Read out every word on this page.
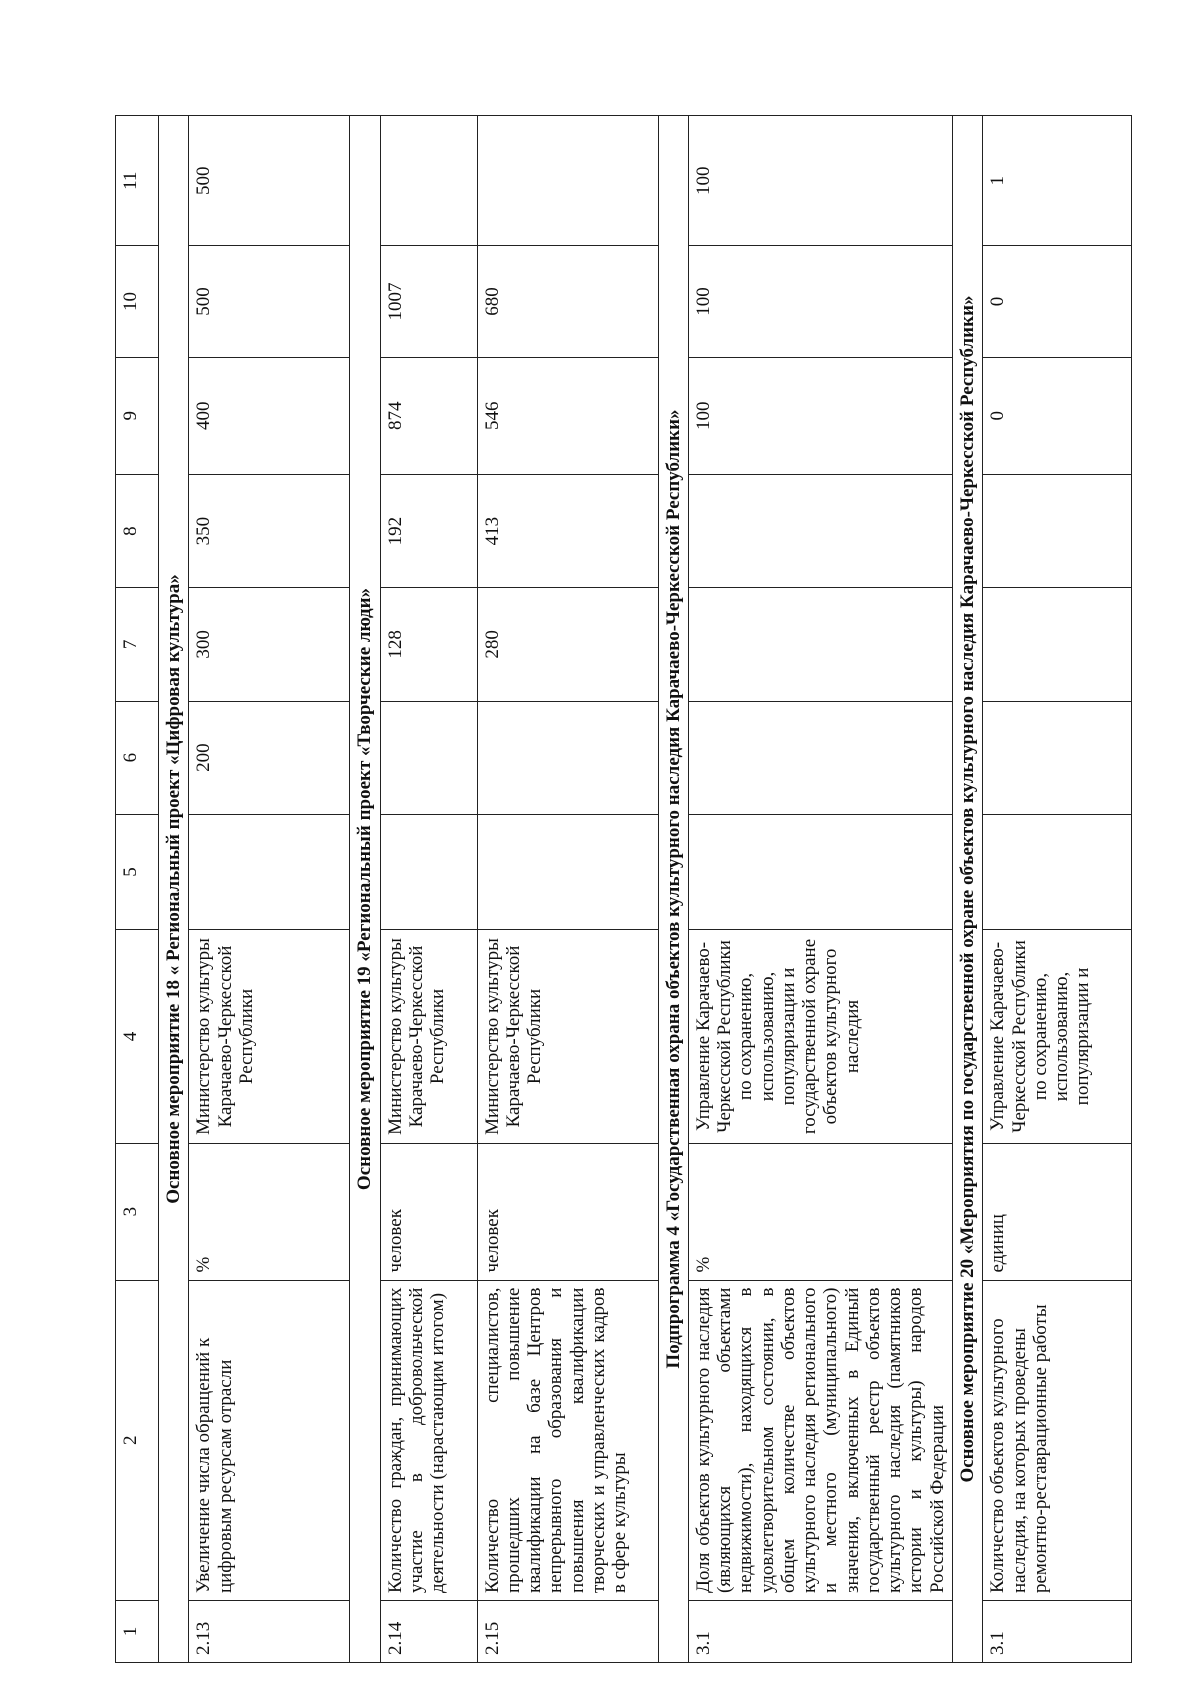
1	2	3	4	5	6	7	8	9	10	11
Основное мероприятие 18 « Региональный проект «Цифровая культура»										
2.13	Увеличение числа обращений к цифровым ресурсам отрасли	%	Министерство культуры Карачаево-Черкесской Республики		200	300	350	400	500	500
Основное мероприятие 19 «Региональный проект «Творческие люди»										
2.14	Количество граждан, принимающих участие в добровольческой деятельности (нарастающим итогом)	человек	Министерство культуры Карачаево-Черкесской Республики			128	192	874	1007	
2.15	Количество специалистов, прошедших повышение квалификации на базе Центров непрерывного образования и повышения квалификации творческих и управленческих кадров в сфере культуры	человек	Министерство культуры Карачаево-Черкесской Республики			280	413	546	680	
Подпрограмма 4 «Государственная охрана объектов культурного наследия Карачаево-Черкесской Республики»										
3.1	Доля объектов культурного наследия (являющихся объектами недвижимости), находящихся в удовлетворительном состоянии, в общем количестве объектов культурного наследия регионального и местного (муниципального) значения, включенных в Единый государственный реестр объектов культурного наследия (памятников истории и культуры) народов Российской Федерации	%	Управление Карачаево-Черкесской Республики по сохранению, использованию, популяризации и государственной охране объектов культурного наследия					100	100	100
Основное мероприятие 20 «Мероприятия по государственной охране объектов культурного наследия Карачаево-Черкесской Республики»										
3.1	Количество объектов культурного наследия, на которых проведены ремонтно-реставрационные работы	единиц	Управление Карачаево-Черкесской Республики по сохранению, использованию, популяризации и					0	0	1
